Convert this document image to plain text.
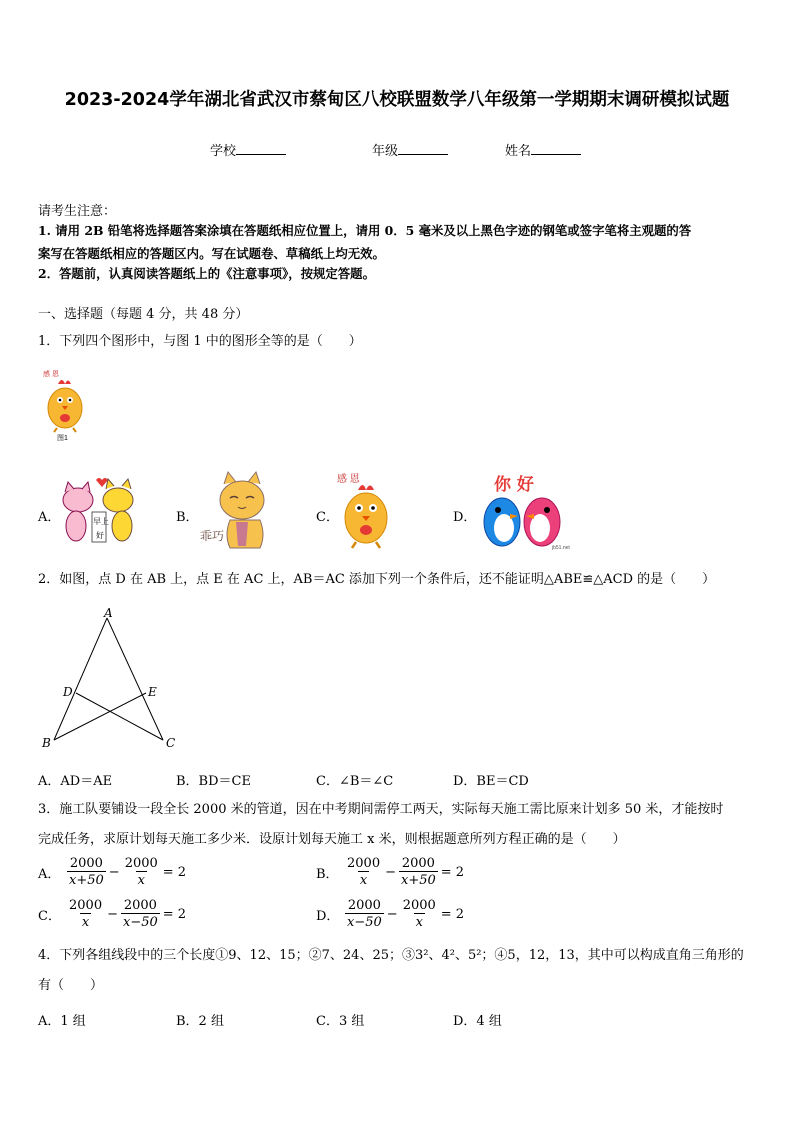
2023-2024学年湖北省武汉市蔡甸区八校联盟数学八年级第一学期期末调研模拟试题
学校	年级	姓名
请考生注意：
1. 请用 2B 铅笔将选择题答案涂填在答题纸相应位置上，请用 0．5 毫米及以上黑色字迹的钢笔或签字笔将主观题的答
案写在答题纸相应的答题区内。写在试题卷、草稿纸上均无效。
2．答题前，认真阅读答题纸上的《注意事项》，按规定答题。
一、选择题（每题 4 分，共 48 分）
1．下列四个图形中，与图 1 中的图形全等的是（　　）
感 恩
图1
A．	早上
好
B．
乖巧
C．
感 恩
D．
你 好
jb51.net
2．如图，点 D 在 AB 上，点 E 在 AC 上，AB＝AC 添加下列一个条件后，还不能证明△ABE≌△ACD 的是（　　）
A
B	C
D	E
A．AD＝AE	B．BD＝CE	C．∠B＝∠C	D．BE＝CD
3．施工队要铺设一段全长 2000 米的管道，因在中考期间需停工两天，实际每天施工需比原来计划多 50 米，才能按时
完成任务，求原计划每天施工多少米．设原计划每天施工 x 米，则根据题意所列方程正确的是（　　）
A． $\frac{2000}{x+50} - \frac{2000}{x} = 2$	B． $\frac{2000}{x} - \frac{2000}{x+50} = 2$
C． $\frac{2000}{x} - \frac{2000}{x-50} = 2$	D． $\frac{2000}{x-50} - \frac{2000}{x} = 2$
4．下列各组线段中的三个长度①9、12、15；②7、24、25；③3²、4²、5²；④5，12，13，其中可以构成直角三角形的
有（　　）
A．1 组	B．2 组	C．3 组	D．4 组
